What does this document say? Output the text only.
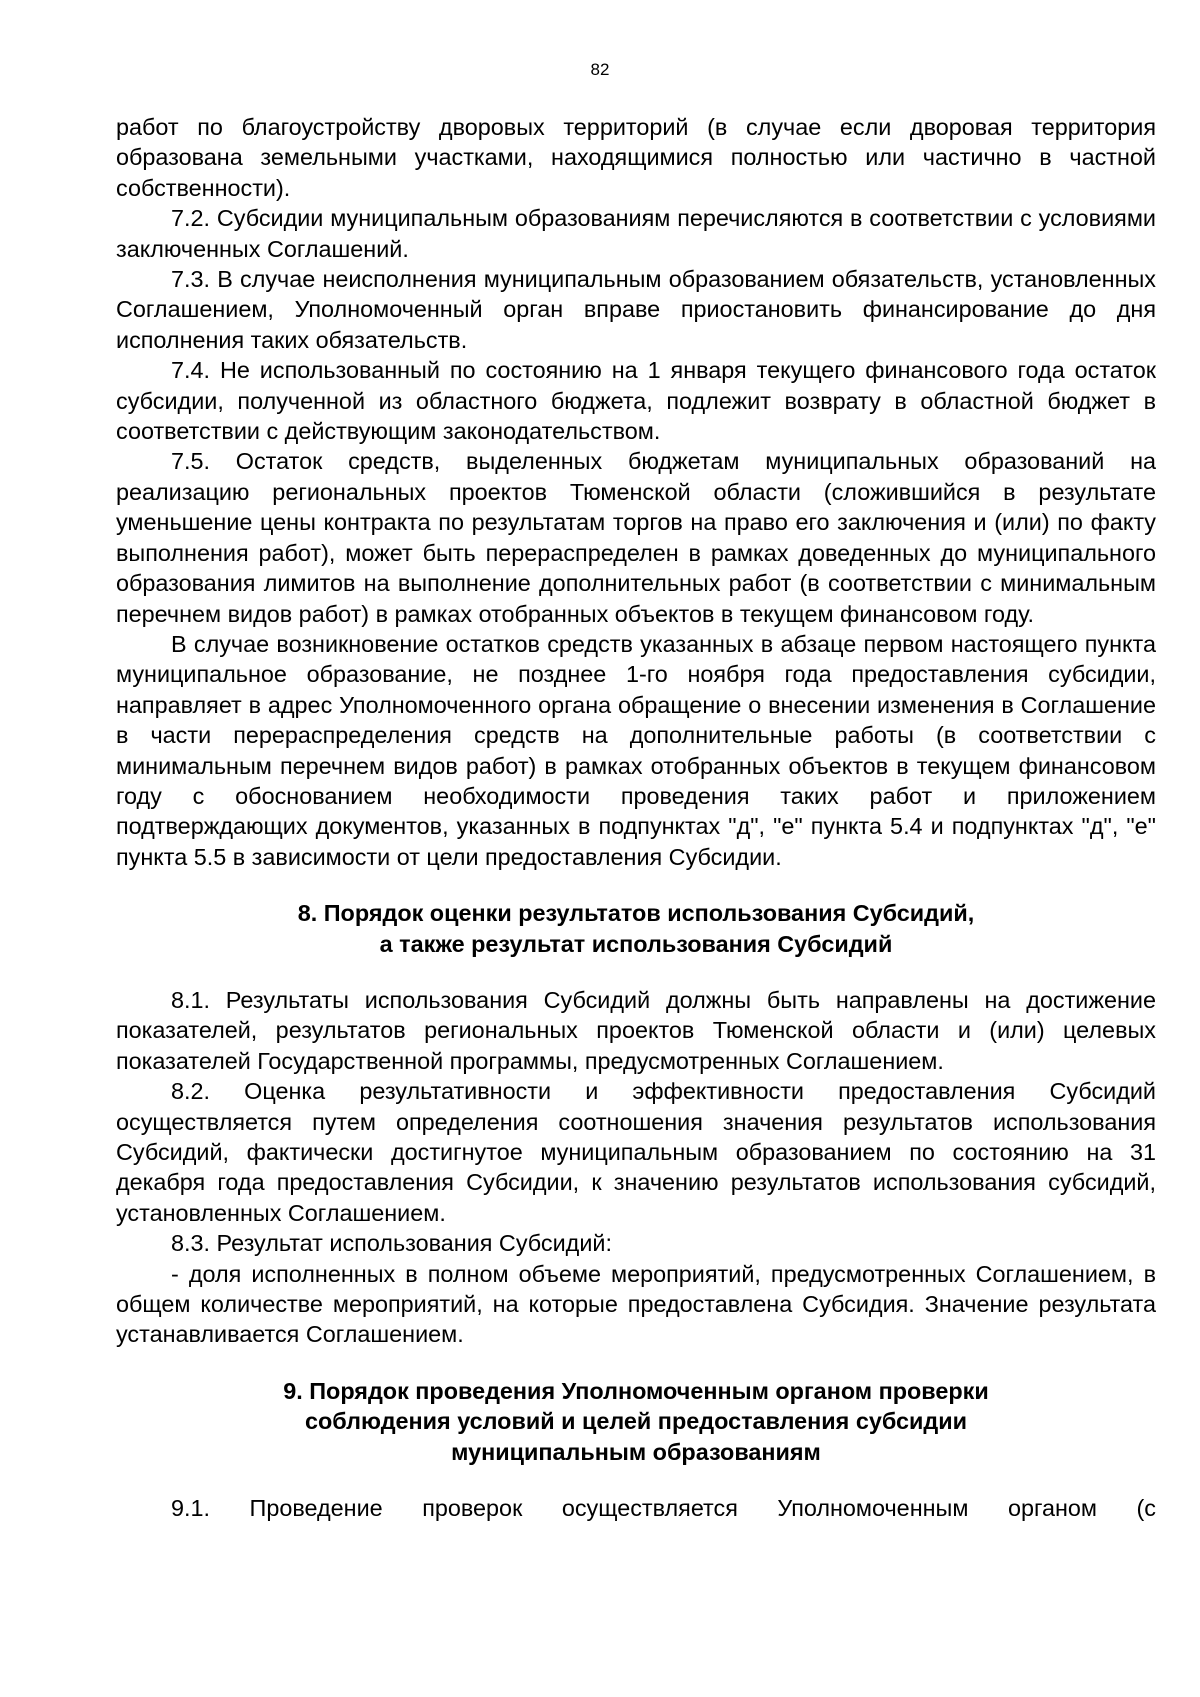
82

работ по благоустройству дворовых территорий (в случае если дворовая территория образована земельными участками, находящимися полностью или частично в частной собственности).

7.2. Субсидии муниципальным образованиям перечисляются в соответствии с условиями заключенных Соглашений.

7.3. В случае неисполнения муниципальным образованием обязательств, установленных Соглашением, Уполномоченный орган вправе приостановить финансирование до дня исполнения таких обязательств.

7.4. Не использованный по состоянию на 1 января текущего финансового года остаток субсидии, полученной из областного бюджета, подлежит возврату в областной бюджет в соответствии с действующим законодательством.

7.5. Остаток средств, выделенных бюджетам муниципальных образований на реализацию региональных проектов Тюменской области (сложившийся в результате уменьшение цены контракта по результатам торгов на право его заключения и (или) по факту выполнения работ), может быть перераспределен в рамках доведенных до муниципального образования лимитов на выполнение дополнительных работ (в соответствии с минимальным перечнем видов работ) в рамках отобранных объектов в текущем финансовом году.

В случае возникновение остатков средств указанных в абзаце первом настоящего пункта муниципальное образование, не позднее 1-го ноября года предоставления субсидии, направляет в адрес Уполномоченного органа обращение о внесении изменения в Соглашение в части перераспределения средств на дополнительные работы (в соответствии с минимальным перечнем видов работ) в рамках отобранных объектов в текущем финансовом году с обоснованием необходимости проведения таких работ и приложением подтверждающих документов, указанных в подпунктах "д", "е" пункта 5.4 и подпунктах "д", "е" пункта 5.5 в зависимости от цели предоставления Субсидии.

8. Порядок оценки результатов использования Субсидий,
а также результат использования Субсидий

8.1. Результаты использования Субсидий должны быть направлены на достижение показателей, результатов региональных проектов Тюменской области и (или) целевых показателей Государственной программы, предусмотренных Соглашением.

8.2. Оценка результативности и эффективности предоставления Субсидий осуществляется путем определения соотношения значения результатов использования Субсидий, фактически достигнутое муниципальным образованием по состоянию на 31 декабря года предоставления Субсидии, к значению результатов использования субсидий, установленных Соглашением.

8.3. Результат использования Субсидий:

- доля исполненных в полном объеме мероприятий, предусмотренных Соглашением, в общем количестве мероприятий, на которые предоставлена Субсидия. Значение результата устанавливается Соглашением.

9. Порядок проведения Уполномоченным органом проверки
соблюдения условий и целей предоставления субсидии
муниципальным образованиям

9.1. Проведение проверок осуществляется Уполномоченным органом (с
